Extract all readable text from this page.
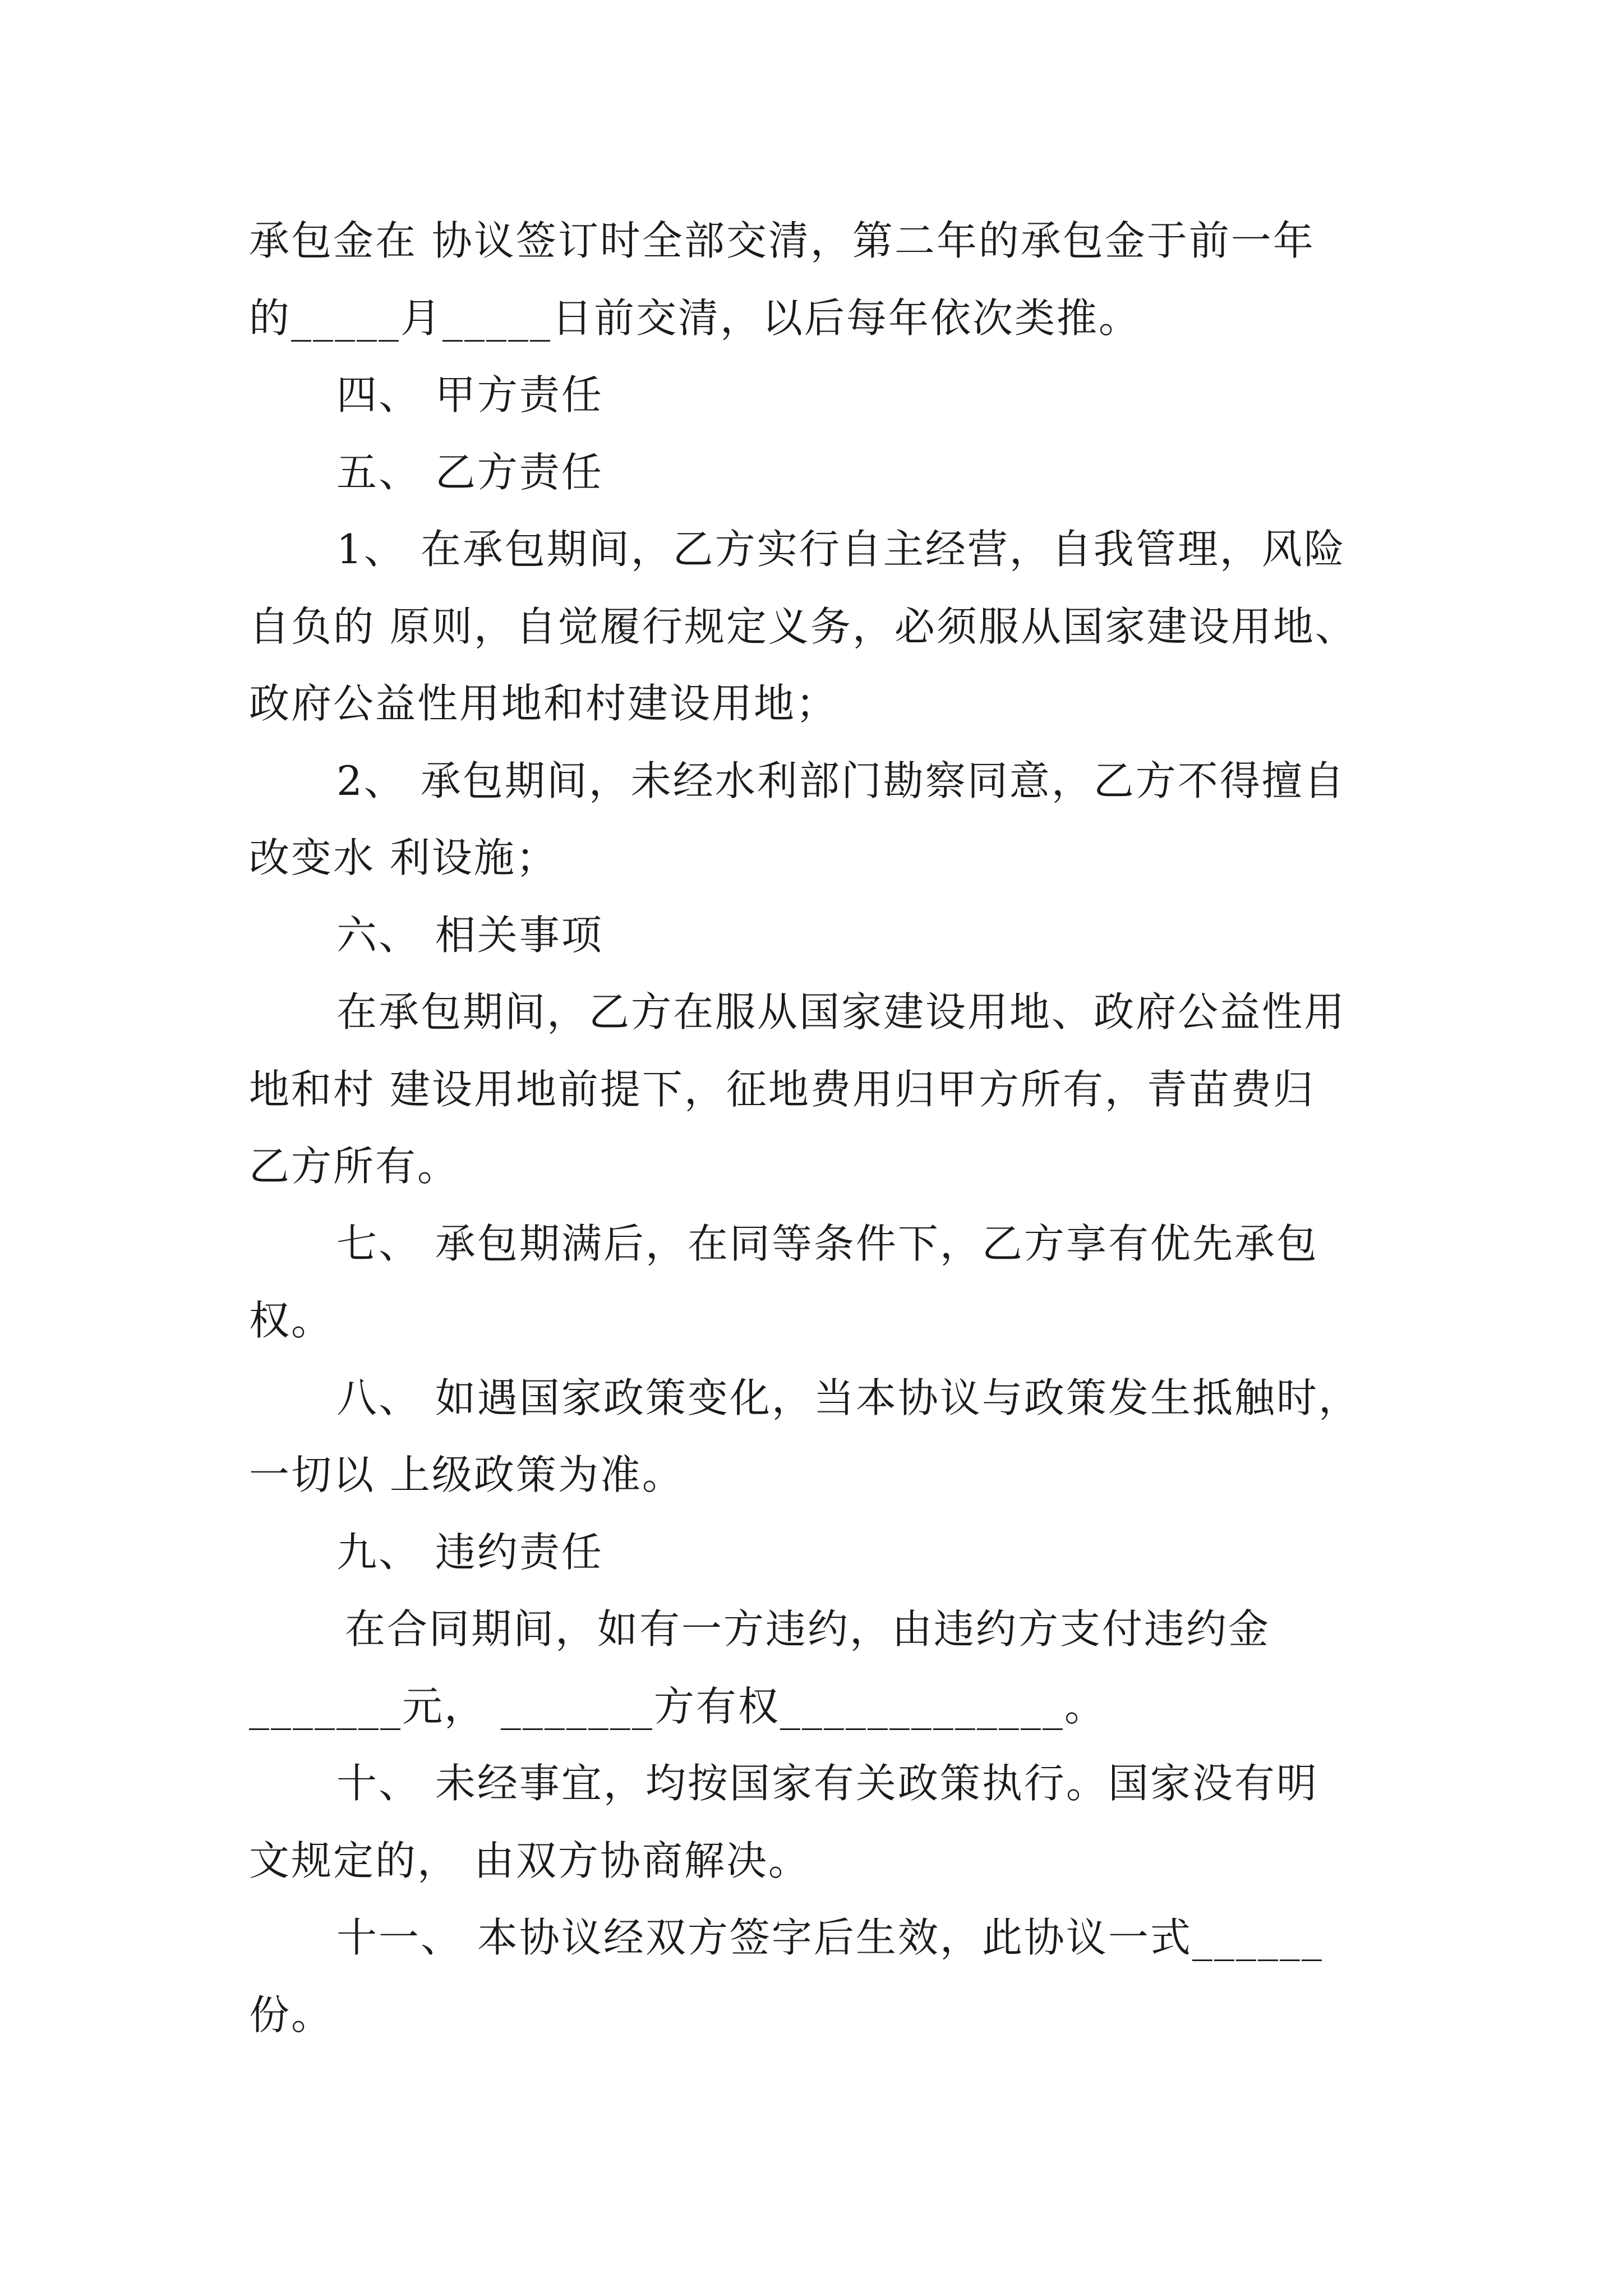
承包金在 协议签订时全部交清，第二年的承包金于前一年
的_____月_____日前交清，以后每年依次类推。
四、 甲方责任
五、 乙方责任
1、 在承包期间，乙方实行自主经营，自我管理，风险
自负的 原则，自觉履行规定义务，必须服从国家建设用地、
政府公益性用地和村建设用地；
2、 承包期间，未经水利部门勘察同意，乙方不得擅自
改变水 利设施；
六、 相关事项
在承包期间，乙方在服从国家建设用地、政府公益性用
地和村 建设用地前提下，征地费用归甲方所有，青苗费归
乙方所有。
七、 承包期满后，在同等条件下，乙方享有优先承包
权。
八、 如遇国家政策变化，当本协议与政策发生抵触时，
一切以 上级政策为准。
九、 违约责任
在合同期间，如有一方违约，由违约方支付违约金
_______元， _______方有权_____________。
十、 未经事宜，均按国家有关政策执行。国家没有明
文规定的， 由双方协商解决。
十一、 本协议经双方签字后生效，此协议一式______
份。
